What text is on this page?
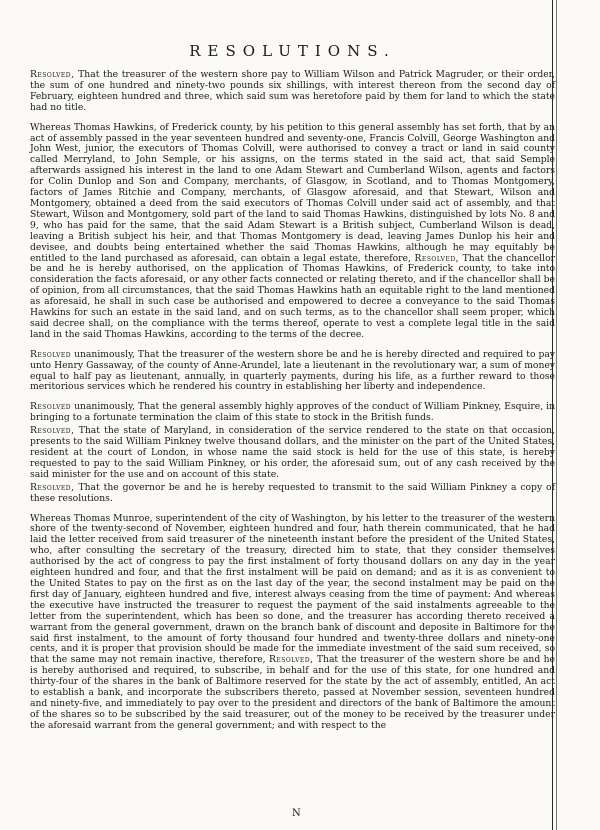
RESOLUTIONS.

Resolved, That the treasurer of the western shore pay to William Wilson and Patrick Magruder, or their order, the sum of one hundred and ninety-two pounds six shillings, with interest thereon from the second day of February, eighteen hundred and three, which said sum was heretofore paid by them for land to which the state had no title.

Whereas Thomas Hawkins, of Frederick county, by his petition to this general assembly has set forth, that by an act of assembly passed in the year seventeen hundred and seventy-one, Francis Colvill, George Washington and John West, junior, the executors of Thomas Colvill, were authorised to convey a tract or land in said county called Merryland, to John Semple, or his assigns, on the terms stated in the said act, that said Semple afterwards assigned his interest in the land to one Adam Stewart and Cumberland Wilson, agents and factors for Colin Dunlop and Son and Company, merchants, of Glasgow, in Scotland, and to Thomas Montgomery, factors of James Ritchie and Company, merchants, of Glasgow aforesaid, and that Stewart, Wilson and Montgomery, obtained a deed from the said executors of Thomas Colvill under said act of assembly, and that Stewart, Wilson and Montgomery, sold part of the land to said Thomas Hawkins, distinguished by lots No. 8 and 9, who has paid for the same, that the said Adam Stewart is a British subject, Cumberland Wilson is dead, leaving a British subject his heir, and that Thomas Montgomery is dead, leaving James Dunlop his heir and devisee, and doubts being entertained whether the said Thomas Hawkins, although he may equitably be entitled to the land purchased as aforesaid, can obtain a legal estate, therefore, Resolved, That the chancellor be and he is hereby authorised, on the application of Thomas Hawkins, of Frederick county, to take into consideration the facts aforesaid, or any other facts connected or relating thereto, and if the chancellor shall be of opinion, from all circumstances, that the said Thomas Hawkins hath an equitable right to the land mentioned as aforesaid, he shall in such case be authorised and empowered to decree a conveyance to the said Thomas Hawkins for such an estate in the said land, and on such terms, as to the chancellor shall seem proper, which said decree shall, on the compliance with the terms thereof, operate to vest a complete legal title in the said land in the said Thomas Hawkins, according to the terms of the decree.

Resolved unanimously, That the treasurer of the western shore be and he is hereby directed and required to pay unto Henry Gassaway, of the county of Anne-Arundel, late a lieutenant in the revolutionary war, a sum of money equal to half pay as lieutenant, annually, in quarterly payments, during his life, as a further reward to those meritorious services which he rendered his country in establishing her liberty and independence.

Resolved unanimously, That the general assembly highly approves of the conduct of William Pinkney, Esquire, in bringing to a fortunate termination the claim of this state to stock in the British funds.

Resolved, That the state of Maryland, in consideration of the service rendered to the state on that occasion, presents to the said William Pinkney twelve thousand dollars, and the minister on the part of the United States, resident at the court of London, in whose name the said stock is held for the use of this state, is hereby requested to pay to the said William Pinkney, or his order, the aforesaid sum, out of any cash received by the said minister for the use and on account of this state.

Resolved, That the governor be and he is hereby requested to transmit to the said William Pinkney a copy of these resolutions.

Whereas Thomas Munroe, superintendent of the city of Washington, by his letter to the treasurer of the western shore of the twenty-second of November, eighteen hundred and four, hath therein communicated, that he had laid the letter received from said treasurer of the nineteenth instant before the president of the United States, who, after consulting the secretary of the treasury, directed him to state, that they consider themselves authorised by the act of congress to pay the first instalment of forty thousand dollars on any day in the year eighteen hundred and four, and that the first instalment will be paid on demand; and as it is as convenient to the United States to pay on the first as on the last day of the year, the second instalment may be paid on the first day of January, eighteen hundred and five, interest always ceasing from the time of payment: And whereas the executive have instructed the treasurer to request the payment of the said instalments agreeable to the letter from the superintendent, which has been so done, and the treasurer has according thereto received a warrant from the general government, drawn on the branch bank of discount and deposite in Baltimore for the said first instalment, to the amount of forty thousand four hundred and twenty-three dollars and ninety-one cents, and it is proper that provision should be made for the immediate investment of the said sum received, so that the same may not remain inactive, therefore, Resolved, That the treasurer of the western shore be and he is hereby authorised and required, to subscribe, in behalf and for the use of this state, for one hundred and thirty-four of the shares in the bank of Baltimore reserved for the state by the act of assembly, entitled, An act to establish a bank, and incorporate the subscribers thereto, passed at November session, seventeen hundred and ninety-five, and immediately to pay over to the president and directors of the bank of Baltimore the amount of the shares so to be subscribed by the said treasurer, out of the money to be received by the treasurer under the aforesaid warrant from the general government; and with respect to the

N
